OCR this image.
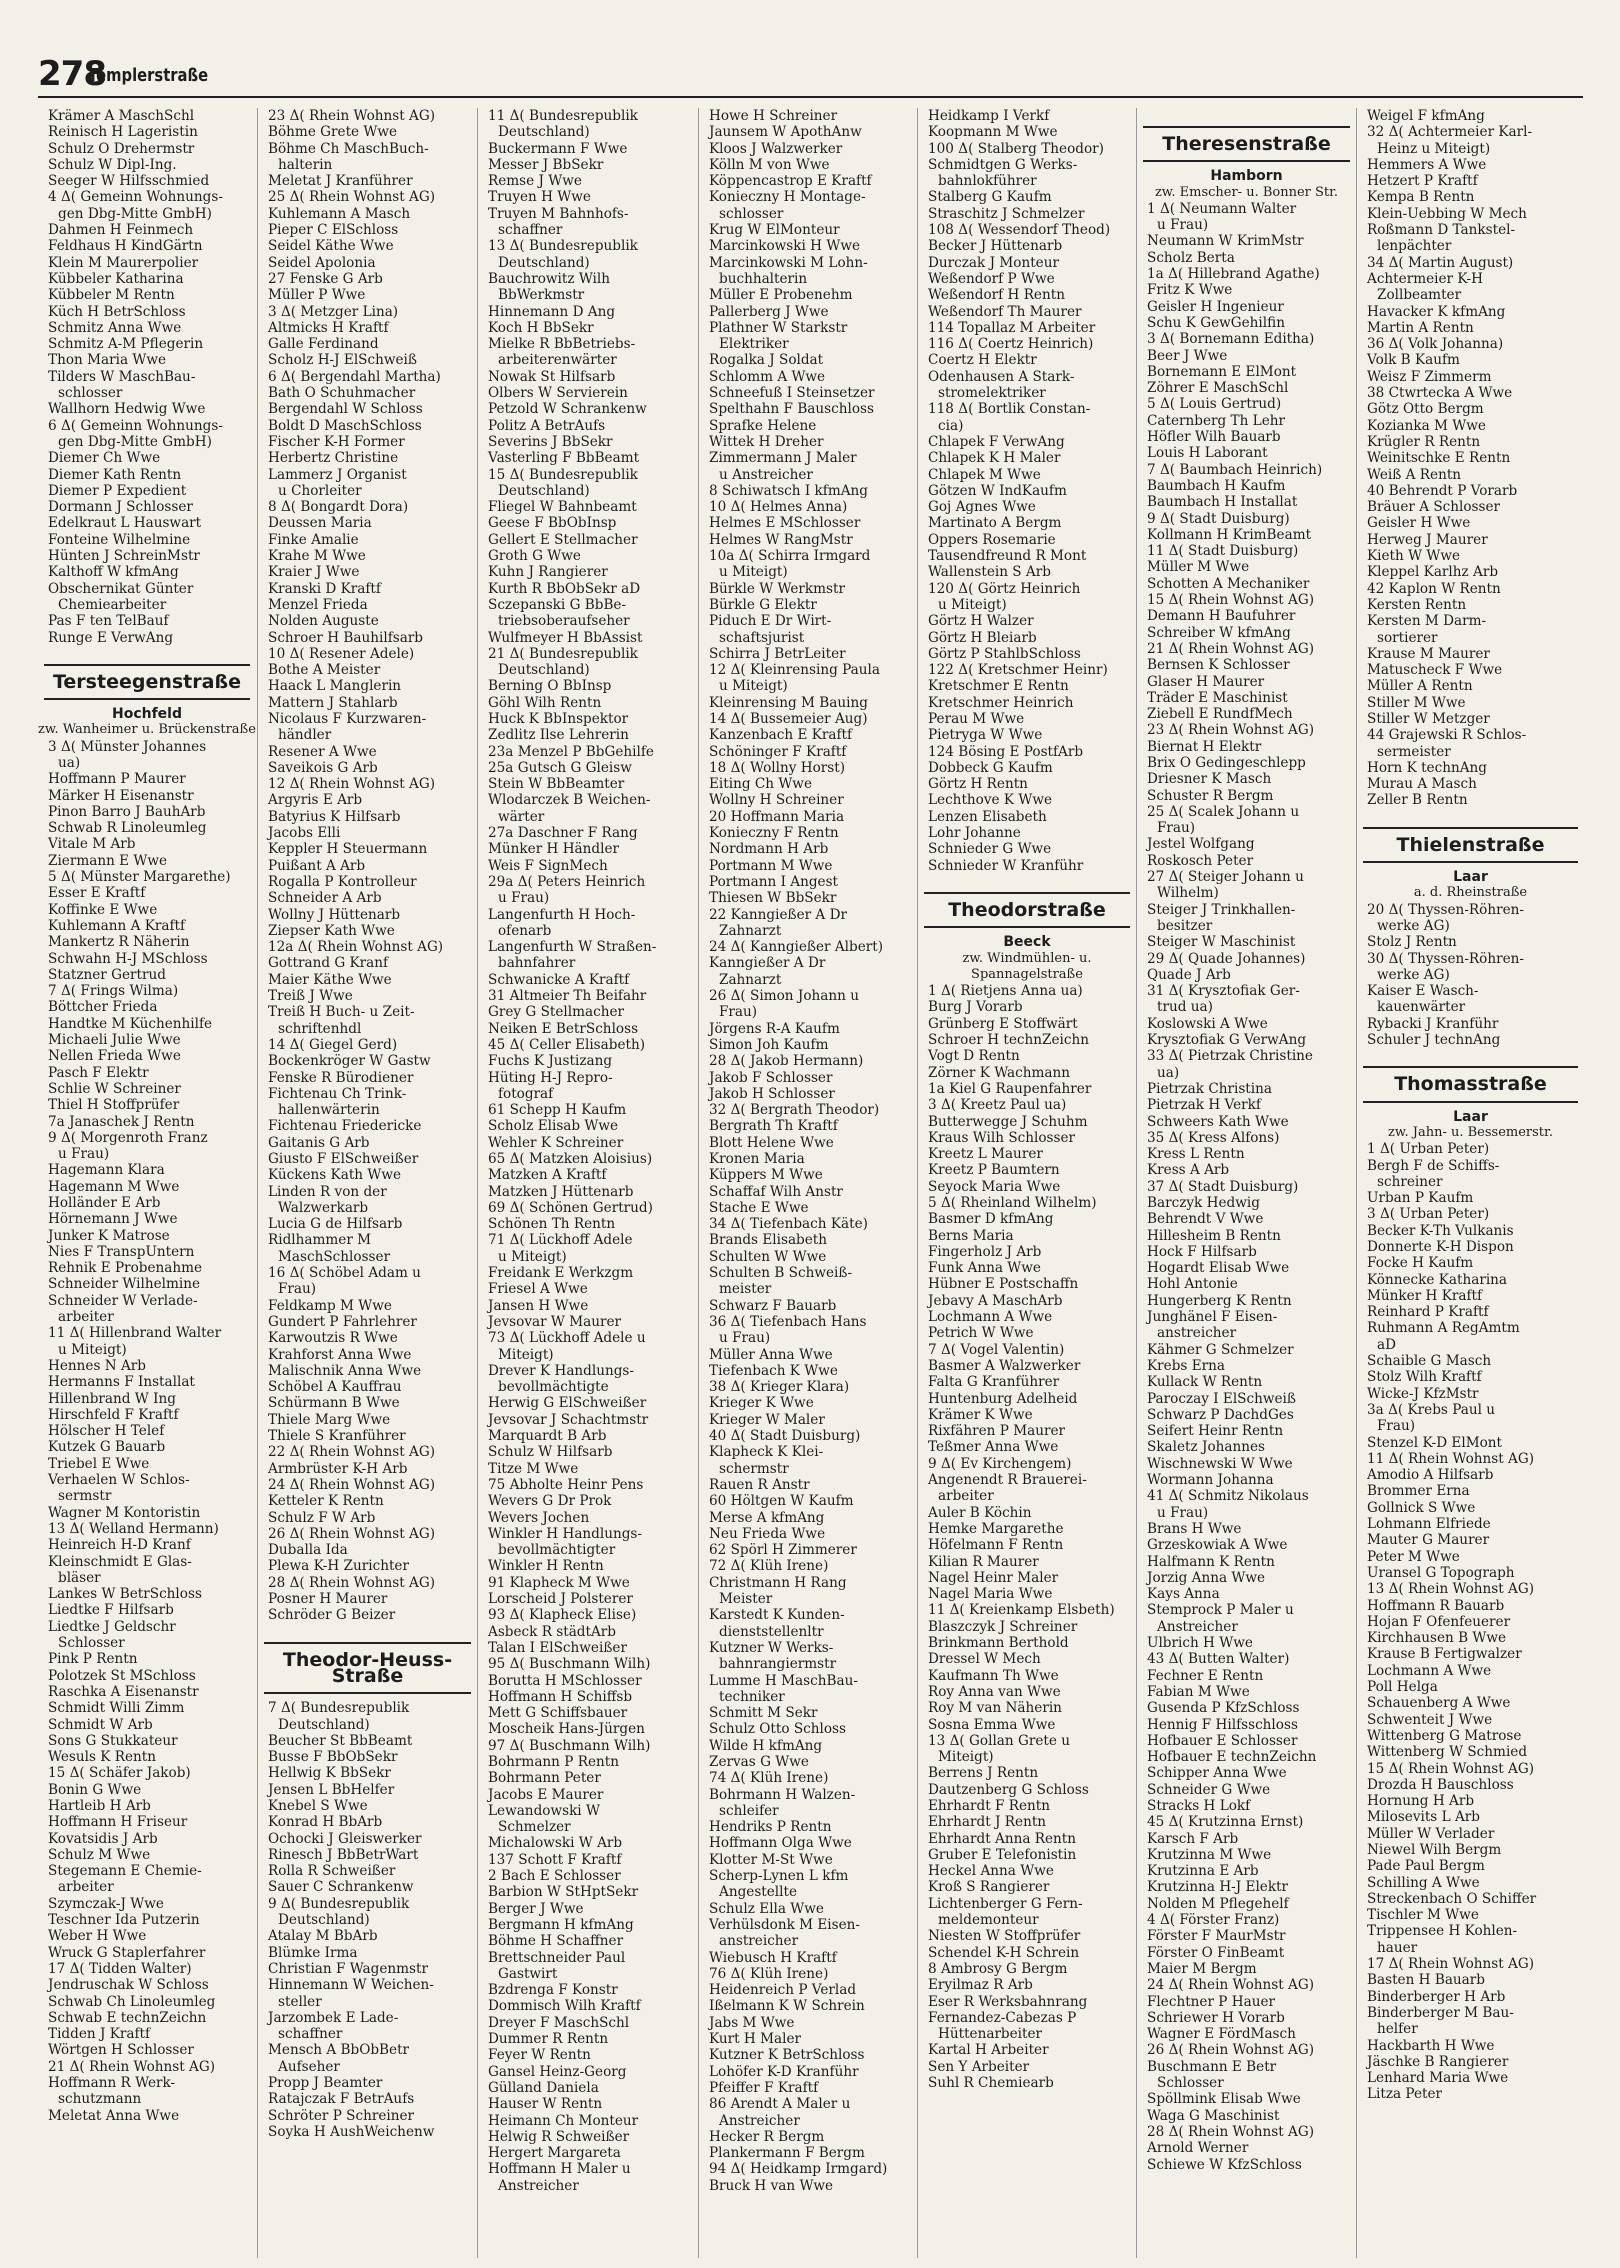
278
Templerstraße
Krämer A MaschSchl
Reinisch H Lageristin
Schulz O Drehermstr
Schulz W Dipl-Ing.
Seeger W Hilfsschmied
4 Δ( Gemeinn Wohnungs-
gen Dbg-Mitte GmbH)
Dahmen H Feinmech
Feldhaus H KindGärtn
Klein M Maurerpolier
Kübbeler Katharina
Kübbeler M Rentn
Küch H BetrSchloss
Schmitz Anna Wwe
Schmitz A-M Pflegerin
Thon Maria Wwe
Tilders W MaschBau-
schlosser
Wallhorn Hedwig Wwe
6 Δ( Gemeinn Wohnungs-
gen Dbg-Mitte GmbH)
Diemer Ch Wwe
Diemer Kath Rentn
Diemer P Expedient
Dormann J Schlosser
Edelkraut L Hauswart
Fonteine Wilhelmine
Hünten J SchreinMstr
Kalthoff W kfmAng
Obschernikat Günter
Chemiearbeiter
Pas F ten TelBauf
Runge E VerwAng
Tersteegenstraße
Hochfeld
zw. Wanheimer u. Brückenstraße
3 Δ( Münster Johannes
ua)
Hoffmann P Maurer
Märker H Eisenanstr
Pinon Barro J BauhArb
Schwab R Linoleumleg
Vitale M Arb
Ziermann E Wwe
5 Δ( Münster Margarethe)
Esser E Kraftf
Koffinke E Wwe
Kuhlemann A Kraftf
Mankertz R Näherin
Schwahn H-J MSchloss
Statzner Gertrud
7 Δ( Frings Wilma)
Böttcher Frieda
Handtke M Küchenhilfe
Michaeli Julie Wwe
Nellen Frieda Wwe
Pasch F Elektr
Schlie W Schreiner
Thiel H Stoffprüfer
7a Janaschek J Rentn
9 Δ( Morgenroth Franz
u Frau)
Hagemann Klara
Hagemann M Wwe
Holländer E Arb
Hörnemann J Wwe
Junker K Matrose
Nies F TranspUntern
Rehnik E Probenahme
Schneider Wilhelmine
Schneider W Verlade-
arbeiter
11 Δ( Hillenbrand Walter
u Miteigt)
Hennes N Arb
Hermanns F Installat
Hillenbrand W Ing
Hirschfeld F Kraftf
Hölscher H Telef
Kutzek G Bauarb
Triebel E Wwe
Verhaelen W Schlos-
sermstr
Wagner M Kontoristin
13 Δ( Welland Hermann)
Heinreich H-D Kranf
Kleinschmidt E Glas-
bläser
Lankes W BetrSchloss
Liedtke F Hilfsarb
Liedtke J Geldschr
Schlosser
Pink P Rentn
Polotzek St MSchloss
Raschka A Eisenanstr
Schmidt Willi Zimm
Schmidt W Arb
Sons G Stukkateur
Wesuls K Rentn
15 Δ( Schäfer Jakob)
Bonin G Wwe
Hartleib H Arb
Hoffmann H Friseur
Kovatsidis J Arb
Schulz M Wwe
Stegemann E Chemie-
arbeiter
Szymczak-J Wwe
Teschner Ida Putzerin
Weber H Wwe
Wruck G Staplerfahrer
17 Δ( Tidden Walter)
Jendruschak W Schloss
Schwab Ch Linoleumleg
Schwab E technZeichn
Tidden J Kraftf
Wörtgen H Schlosser
21 Δ( Rhein Wohnst AG)
Hoffmann R Werk-
schutzmann
Meletat Anna Wwe
23 Δ( Rhein Wohnst AG)
Böhme Grete Wwe
Böhme Ch MaschBuch-
halterin
Meletat J Kranführer
25 Δ( Rhein Wohnst AG)
Kuhlemann A Masch
Pieper C ElSchloss
Seidel Käthe Wwe
Seidel Apolonia
27 Fenske G Arb
Müller P Wwe
3 Δ( Metzger Lina)
Altmicks H Kraftf
Galle Ferdinand
Scholz H-J ElSchweiß
6 Δ( Bergendahl Martha)
Bath O Schuhmacher
Bergendahl W Schloss
Boldt D MaschSchloss
Fischer K-H Former
Herbertz Christine
Lammerz J Organist
u Chorleiter
8 Δ( Bongardt Dora)
Deussen Maria
Finke Amalie
Krahe M Wwe
Kraier J Wwe
Kranski D Kraftf
Menzel Frieda
Nolden Auguste
Schroer H Bauhilfsarb
10 Δ( Resener Adele)
Bothe A Meister
Haack L Manglerin
Mattern J Stahlarb
Nicolaus F Kurzwaren-
händler
Resener A Wwe
Saveikois G Arb
12 Δ( Rhein Wohnst AG)
Argyris E Arb
Batyrius K Hilfsarb
Jacobs Elli
Keppler H Steuermann
Puißant A Arb
Rogalla P Kontrolleur
Schneider A Arb
Wollny J Hüttenarb
Ziepser Kath Wwe
12a Δ( Rhein Wohnst AG)
Gottrand G Kranf
Maier Käthe Wwe
Treiß J Wwe
Treiß H Buch- u Zeit-
schriftenhdl
14 Δ( Giegel Gerd)
Bockenkröger W Gastw
Fenske R Bürodiener
Fichtenau Ch Trink-
hallenwärterin
Fichtenau Friedericke
Gaitanis G Arb
Giusto F ElSchweißer
Kückens Kath Wwe
Linden R von der
Walzwerkarb
Lucia G de Hilfsarb
Ridlhammer M
MaschSchlosser
16 Δ( Schöbel Adam u
Frau)
Feldkamp M Wwe
Gundert P Fahrlehrer
Karwoutzis R Wwe
Krahforst Anna Wwe
Malischnik Anna Wwe
Schöbel A Kauffrau
Schürmann B Wwe
Thiele Marg Wwe
Thiele S Kranführer
22 Δ( Rhein Wohnst AG)
Armbrüster K-H Arb
24 Δ( Rhein Wohnst AG)
Ketteler K Rentn
Schulz F W Arb
26 Δ( Rhein Wohnst AG)
Duballa Ida
Plewa K-H Zurichter
28 Δ( Rhein Wohnst AG)
Posner H Maurer
Schröder G Beizer
Theodor-Heuss-Straße
7 Δ( Bundesrepublik
Deutschland)
Beucher St BbBeamt
Busse F BbObSekr
Hellwig K BbSekr
Jensen L BbHelfer
Knebel S Wwe
Konrad H BbArb
Ochocki J Gleiswerker
Rinesch J BbBetrWart
Rolla R Schweißer
Sauer C Schrankenw
9 Δ( Bundesrepublik
Deutschland)
Atalay M BbArb
Blümke Irma
Christian F Wagenmstr
Hinnemann W Weichen-
steller
Jarzombek E Lade-
schaffner
Mensch A BbObBetr
Aufseher
Propp J Beamter
Ratajczak F BetrAufs
Schröter P Schreiner
Soyka H AushWeichenw
11 Δ( Bundesrepublik
Deutschland)
Buckermann F Wwe
Messer J BbSekr
Remse J Wwe
Truyen H Wwe
Truyen M Bahnhofs-
schaffner
13 Δ( Bundesrepublik
Deutschland)
Bauchrowitz Wilh
BbWerkmstr
Hinnemann D Ang
Koch H BbSekr
Mielke R BbBetriebs-
arbeiterenwärter
Nowak St Hilfsarb
Olbers W Servierein
Petzold W Schrankenw
Politz A BetrAufs
Severins J BbSekr
Vasterling F BbBeamt
15 Δ( Bundesrepublik
Deutschland)
Fliegel W Bahnbeamt
Geese F BbObInsp
Gellert E Stellmacher
Groth G Wwe
Kuhn J Rangierer
Kurth R BbObSekr aD
Sczepanski G BbBe-
triebsoberaufseher
Wulfmeyer H BbAssist
21 Δ( Bundesrepublik
Deutschland)
Berning O BbInsp
Göhl Wilh Rentn
Huck K BbInspektor
Zedlitz Ilse Lehrerin
23a Menzel P BbGehilfe
25a Gutsch G Gleisw
Stein W BbBeamter
Wlodarczek B Weichen-
wärter
27a Daschner F Rang
Münker H Händler
Weis F SignMech
29a Δ( Peters Heinrich
u Frau)
Langenfurth H Hoch-
ofenarb
Langenfurth W Straßen-
bahnfahrer
Schwanicke A Kraftf
31 Altmeier Th Beifahr
Grey G Stellmacher
Neiken E BetrSchloss
45 Δ( Celler Elisabeth)
Fuchs K Justizang
Hüting H-J Repro-
fotograf
61 Schepp H Kaufm
Scholz Elisab Wwe
Wehler K Schreiner
65 Δ( Matzken Aloisius)
Matzken A Kraftf
Matzken J Hüttenarb
69 Δ( Schönen Gertrud)
Schönen Th Rentn
71 Δ( Lückhoff Adele
u Miteigt)
Freidank E Werkzgm
Friesel A Wwe
Jansen H Wwe
Jevsovar W Maurer
73 Δ( Lückhoff Adele u
Miteigt)
Drever K Handlungs-
bevollmächtigte
Herwig G ElSchweißer
Jevsovar J Schachtmstr
Marquardt B Arb
Schulz W Hilfsarb
Titze M Wwe
75 Abholte Heinr Pens
Wevers G Dr Prok
Wevers Jochen
Winkler H Handlungs-
bevollmächtigter
Winkler H Rentn
91 Klapheck M Wwe
Lorscheid J Polsterer
93 Δ( Klapheck Elise)
Asbeck R städtArb
Talan I ElSchweißer
95 Δ( Buschmann Wilh)
Borutta H MSchlosser
Hoffmann H Schiffsb
Mett G Schiffsbauer
Moscheik Hans-Jürgen
97 Δ( Buschmann Wilh)
Bohrmann P Rentn
Bohrmann Peter
Jacobs E Maurer
Lewandowski W
Schmelzer
Michalowski W Arb
137 Schott F Kraftf
2 Bach E Schlosser
Barbion W StHptSekr
Berger J Wwe
Bergmann H kfmAng
Böhme H Schaffner
Brettschneider Paul
Gastwirt
Bzdrenga F Konstr
Dommisch Wilh Kraftf
Dreyer F MaschSchl
Dummer R Rentn
Feyer W Rentn
Gansel Heinz-Georg
Gülland Daniela
Hauser W Rentn
Heimann Ch Monteur
Helwig R Schweißer
Hergert Margareta
Hoffmann H Maler u
Anstreicher
Howe H Schreiner
Jaunsem W ApothAnw
Kloos J Walzwerker
Kölln M von Wwe
Köppencastrop E Kraftf
Konieczny H Montage-
schlosser
Krug W ElMonteur
Marcinkowski H Wwe
Marcinkowski M Lohn-
buchhalterin
Müller E Probenehm
Pallerberg J Wwe
Plathner W Starkstr
Elektriker
Rogalka J Soldat
Schlomm A Wwe
Schneefuß I Steinsetzer
Spelthahn F Bauschloss
Sprafke Helene
Wittek H Dreher
Zimmermann J Maler
u Anstreicher
8 Schiwatsch I kfmAng
10 Δ( Helmes Anna)
Helmes E MSchlosser
Helmes W RangMstr
10a Δ( Schirra Irmgard
u Miteigt)
Bürkle W Werkmstr
Bürkle G Elektr
Piduch E Dr Wirt-
schaftsjurist
Schirra J BetrLeiter
12 Δ( Kleinrensing Paula
u Miteigt)
Kleinrensing M Bauing
14 Δ( Bussemeier Aug)
Kanzenbach E Kraftf
Schöninger F Kraftf
18 Δ( Wollny Horst)
Eiting Ch Wwe
Wollny H Schreiner
20 Hoffmann Maria
Konieczny F Rentn
Nordmann H Arb
Portmann M Wwe
Portmann I Angest
Thiesen W BbSekr
22 Kanngießer A Dr
Zahnarzt
24 Δ( Kanngießer Albert)
Kanngießer A Dr
Zahnarzt
26 Δ( Simon Johann u
Frau)
Jörgens R-A Kaufm
Simon Joh Kaufm
28 Δ( Jakob Hermann)
Jakob F Schlosser
Jakob H Schlosser
32 Δ( Bergrath Theodor)
Bergrath Th Kraftf
Blott Helene Wwe
Kronen Maria
Küppers M Wwe
Schaffaf Wilh Anstr
Stache E Wwe
34 Δ( Tiefenbach Käte)
Brands Elisabeth
Schulten W Wwe
Schulten B Schweiß-
meister
Schwarz F Bauarb
36 Δ( Tiefenbach Hans
u Frau)
Müller Anna Wwe
Tiefenbach K Wwe
38 Δ( Krieger Klara)
Krieger K Wwe
Krieger W Maler
40 Δ( Stadt Duisburg)
Klapheck K Klei-
schermstr
Rauen R Anstr
60 Höltgen W Kaufm
Merse A kfmAng
Neu Frieda Wwe
62 Spörl H Zimmerer
72 Δ( Klüh Irene)
Christmann H Rang
Meister
Karstedt K Kunden-
dienststellenltr
Kutzner W Werks-
bahnrangiermstr
Lumme H MaschBau-
techniker
Schmitt M Sekr
Schulz Otto Schloss
Wilde H kfmAng
Zervas G Wwe
74 Δ( Klüh Irene)
Bohrmann H Walzen-
schleifer
Hendriks P Rentn
Hoffmann Olga Wwe
Klotter M-St Wwe
Scherp-Lynen L kfm
Angestellte
Schulz Ella Wwe
Verhülsdonk M Eisen-
anstreicher
Wiebusch H Kraftf
76 Δ( Klüh Irene)
Heidenreich P Verlad
Ißelmann K W Schrein
Jabs M Wwe
Kurt H Maler
Kutzner K BetrSchloss
Lohöfer K-D Kranführ
Pfeiffer F Kraftf
86 Arendt A Maler u
Anstreicher
Hecker R Bergm
Plankermann F Bergm
94 Δ( Heidkamp Irmgard)
Bruck H van Wwe
Heidkamp I Verkf
Koopmann M Wwe
100 Δ( Stalberg Theodor)
Schmidtgen G Werks-
bahnlokführer
Stalberg G Kaufm
Straschitz J Schmelzer
108 Δ( Wessendorf Theod)
Becker J Hüttenarb
Durczak J Monteur
Weßendorf P Wwe
Weßendorf H Rentn
Weßendorf Th Maurer
114 Topallaz M Arbeiter
116 Δ( Coertz Heinrich)
Coertz H Elektr
Odenhausen A Stark-
stromelektriker
118 Δ( Bortlik Constan-
cia)
Chlapek F VerwAng
Chlapek K H Maler
Chlapek M Wwe
Götzen W IndKaufm
Goj Agnes Wwe
Martinato A Bergm
Oppers Rosemarie
Tausendfreund R Mont
Wallenstein S Arb
120 Δ( Görtz Heinrich
u Miteigt)
Görtz H Walzer
Görtz H Bleiarb
Görtz P StahlbSchloss
122 Δ( Kretschmer Heinr)
Kretschmer E Rentn
Kretschmer Heinrich
Perau M Wwe
Pietryga W Wwe
124 Bösing E PostfArb
Dobbeck G Kaufm
Görtz H Rentn
Lechthove K Wwe
Lenzen Elisabeth
Lohr Johanne
Schnieder G Wwe
Schnieder W Kranführ
Theodorstraße
Beeck
zw. Windmühlen- u. Spannagelstraße
1 Δ( Rietjens Anna ua)
Burg J Vorarb
Grünberg E Stoffwärt
Schroer H technZeichn
Vogt D Rentn
Zörner K Wachmann
1a Kiel G Raupenfahrer
3 Δ( Kreetz Paul ua)
Butterwegge J Schuhm
Kraus Wilh Schlosser
Kreetz L Maurer
Kreetz P Baumtern
Seyock Maria Wwe
5 Δ( Rheinland Wilhelm)
Basmer D kfmAng
Berns Maria
Fingerholz J Arb
Funk Anna Wwe
Hübner E Postschaffn
Jebavy A MaschArb
Lochmann A Wwe
Petrich W Wwe
7 Δ( Vogel Valentin)
Basmer A Walzwerker
Falta G Kranführer
Huntenburg Adelheid
Krämer K Wwe
Rixfähren P Maurer
Teßmer Anna Wwe
9 Δ( Ev Kirchengem)
Angenendt R Brauerei-
arbeiter
Auler B Köchin
Hemke Margarethe
Höfelmann F Rentn
Kilian R Maurer
Nagel Heinr Maler
Nagel Maria Wwe
11 Δ( Kreienkamp Elsbeth)
Blaszczyk J Schreiner
Brinkmann Berthold
Dressel W Mech
Kaufmann Th Wwe
Roy Anna van Wwe
Roy M van Näherin
Sosna Emma Wwe
13 Δ( Gollan Grete u
Miteigt)
Berrens J Rentn
Dautzenberg G Schloss
Ehrhardt F Rentn
Ehrhardt J Rentn
Ehrhardt Anna Rentn
Gruber E Telefonistin
Heckel Anna Wwe
Kroß S Rangierer
Lichtenberger G Fern-
meldemonteur
Niesten W Stoffprüfer
Schendel K-H Schrein
8 Ambrosy G Bergm
Eryilmaz R Arb
Eser R Werksbahnrang
Fernandez-Cabezas P
Hüttenarbeiter
Kartal H Arbeiter
Sen Y Arbeiter
Suhl R Chemiearb
Theresenstraße
Hamborn
zw. Emscher- u. Bonner Str.
1 Δ( Neumann Walter
u Frau)
Neumann W KrimMstr
Scholz Berta
1a Δ( Hillebrand Agathe)
Fritz K Wwe
Geisler H Ingenieur
Schu K GewGehilfin
3 Δ( Bornemann Editha)
Beer J Wwe
Bornemann E ElMont
Zöhrer E MaschSchl
5 Δ( Louis Gertrud)
Caternberg Th Lehr
Höfler Wilh Bauarb
Louis H Laborant
7 Δ( Baumbach Heinrich)
Baumbach H Kaufm
Baumbach H Installat
9 Δ( Stadt Duisburg)
Kollmann H KrimBeamt
11 Δ( Stadt Duisburg)
Müller M Wwe
Schotten A Mechaniker
15 Δ( Rhein Wohnst AG)
Demann H Baufuhrer
Schreiber W kfmAng
21 Δ( Rhein Wohnst AG)
Bernsen K Schlosser
Glaser H Maurer
Träder E Maschinist
Ziebell E RundfMech
23 Δ( Rhein Wohnst AG)
Biernat H Elektr
Brix O Gedingeschlepp
Driesner K Masch
Schuster R Bergm
25 Δ( Scalek Johann u
Frau)
Jestel Wolfgang
Roskosch Peter
27 Δ( Steiger Johann u
Wilhelm)
Steiger J Trinkhallen-
besitzer
Steiger W Maschinist
29 Δ( Quade Johannes)
Quade J Arb
31 Δ( Krysztofiak Ger-
trud ua)
Koslowski A Wwe
Krysztofiak G VerwAng
33 Δ( Pietrzak Christine
ua)
Pietrzak Christina
Pietrzak H Verkf
Schweers Kath Wwe
35 Δ( Kress Alfons)
Kress L Rentn
Kress A Arb
37 Δ( Stadt Duisburg)
Barczyk Hedwig
Behrendt V Wwe
Hillesheim B Rentn
Hock F Hilfsarb
Hogardt Elisab Wwe
Hohl Antonie
Hungerberg K Rentn
Junghänel F Eisen-
anstreicher
Kähmer G Schmelzer
Krebs Erna
Kullack W Rentn
Paroczay I ElSchweiß
Schwarz P DachdGes
Seifert Heinr Rentn
Skaletz Johannes
Wischnewski W Wwe
Wormann Johanna
41 Δ( Schmitz Nikolaus
u Frau)
Brans H Wwe
Grzeskowiak A Wwe
Halfmann K Rentn
Jorzig Anna Wwe
Kays Anna
Stemprock P Maler u
Anstreicher
Ulbrich H Wwe
43 Δ( Butten Walter)
Fechner E Rentn
Fabian M Wwe
Gusenda P KfzSchloss
Hennig F Hilfsschloss
Hofbauer E Schlosser
Hofbauer E technZeichn
Schipper Anna Wwe
Schneider G Wwe
Stracks H Lokf
45 Δ( Krutzinna Ernst)
Karsch F Arb
Krutzinna M Wwe
Krutzinna E Arb
Krutzinna H-J Elektr
Nolden M Pflegehelf
4 Δ( Förster Franz)
Förster F MaurMstr
Förster O FinBeamt
Maier M Bergm
24 Δ( Rhein Wohnst AG)
Flechtner P Hauer
Schriewer H Vorarb
Wagner E FördMasch
26 Δ( Rhein Wohnst AG)
Buschmann E Betr
Schlosser
Spöllmink Elisab Wwe
Waga G Maschinist
28 Δ( Rhein Wohnst AG)
Arnold Werner
Schiewe W KfzSchloss
Weigel F kfmAng
32 Δ( Achtermeier Karl-
Heinz u Miteigt)
Hemmers A Wwe
Hetzert P Kraftf
Kempa B Rentn
Klein-Uebbing W Mech
Roßmann D Tankstel-
lenpächter
34 Δ( Martin August)
Achtermeier K-H
Zollbeamter
Havacker K kfmAng
Martin A Rentn
36 Δ( Volk Johanna)
Volk B Kaufm
Weisz F Zimmerm
38 Ctwrtecka A Wwe
Götz Otto Bergm
Kozianka M Wwe
Krügler R Rentn
Weinitschke E Rentn
Weiß A Rentn
40 Behrendt P Vorarb
Bräuer A Schlosser
Geisler H Wwe
Herweg J Maurer
Kieth W Wwe
Kleppel Karlhz Arb
42 Kaplon W Rentn
Kersten Rentn
Kersten M Darm-
sortierer
Krause M Maurer
Matuscheck F Wwe
Müller A Rentn
Stiller M Wwe
Stiller W Metzger
44 Grajewski R Schlos-
sermeister
Horn K technAng
Murau A Masch
Zeller B Rentn
Thielenstraße
Laar
a. d. Rheinstraße
20 Δ( Thyssen-Röhren-
werke AG)
Stolz J Rentn
30 Δ( Thyssen-Röhren-
werke AG)
Kaiser E Wasch-
kauenwärter
Rybacki J Kranführ
Schuler J technAng
Thomasstraße
Laar
zw. Jahn- u. Bessemerstr.
1 Δ( Urban Peter)
Bergh F de Schiffs-
schreiner
Urban P Kaufm
3 Δ( Urban Peter)
Becker K-Th Vulkanis
Donnerte K-H Dispon
Focke H Kaufm
Könnecke Katharina
Münker H Kraftf
Reinhard P Kraftf
Ruhmann A RegAmtm
aD
Schaible G Masch
Stolz Wilh Kraftf
Wicke-J KfzMstr
3a Δ( Krebs Paul u
Frau)
Stenzel K-D ElMont
11 Δ( Rhein Wohnst AG)
Amodio A Hilfsarb
Brommer Erna
Gollnick S Wwe
Lohmann Elfriede
Mauter G Maurer
Peter M Wwe
Uransel G Topograph
13 Δ( Rhein Wohnst AG)
Hoffmann R Bauarb
Hojan F Ofenfeuerer
Kirchhausen B Wwe
Krause B Fertigwalzer
Lochmann A Wwe
Poll Helga
Schauenberg A Wwe
Schwenteit J Wwe
Wittenberg G Matrose
Wittenberg W Schmied
15 Δ( Rhein Wohnst AG)
Drozda H Bauschloss
Hornung H Arb
Milosevits L Arb
Müller W Verlader
Niewel Wilh Bergm
Pade Paul Bergm
Schilling A Wwe
Streckenbach O Schiffer
Tischler M Wwe
Trippensee H Kohlen-
hauer
17 Δ( Rhein Wohnst AG)
Basten H Bauarb
Binderberger H Arb
Binderberger M Bau-
helfer
Hackbarth H Wwe
Jäschke B Rangierer
Lenhard Maria Wwe
Litza Peter
